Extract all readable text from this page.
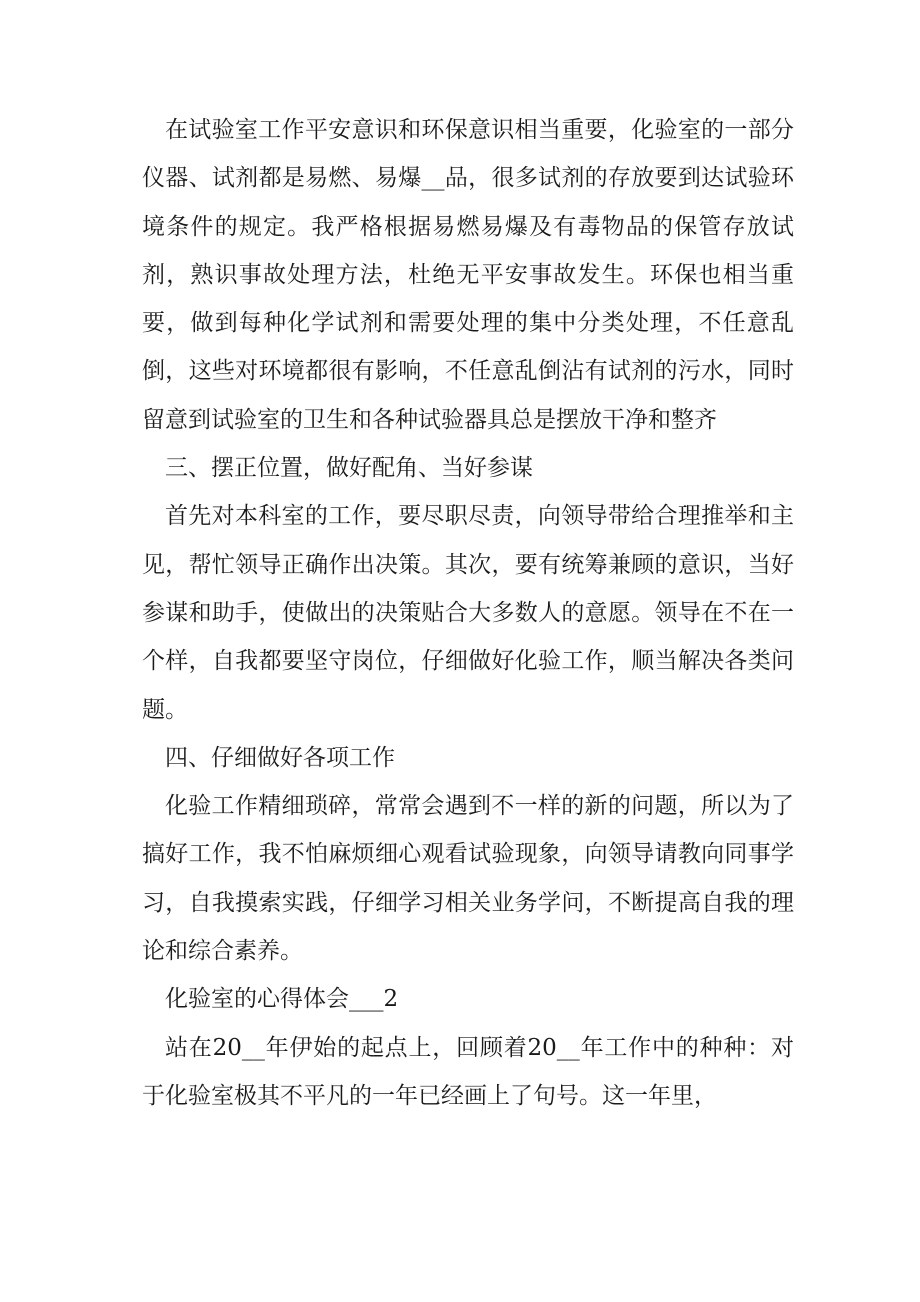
在试验室工作平安意识和环保意识相当重要，化验室的一部分仪器、试剂都是易燃、易爆__品，很多试剂的存放要到达试验环境条件的规定。我严格根据易燃易爆及有毒物品的保管存放试剂，熟识事故处理方法，杜绝无平安事故发生。环保也相当重要，做到每种化学试剂和需要处理的集中分类处理，不任意乱倒，这些对环境都很有影响，不任意乱倒沾有试剂的污水，同时留意到试验室的卫生和各种试验器具总是摆放干净和整齐

三、摆正位置，做好配角、当好参谋

首先对本科室的工作，要尽职尽责，向领导带给合理推举和主见，帮忙领导正确作出决策。其次，要有统筹兼顾的意识，当好参谋和助手，使做出的决策贴合大多数人的意愿。领导在不在一个样，自我都要坚守岗位，仔细做好化验工作，顺当解决各类问题。

四、仔细做好各项工作

化验工作精细琐碎，常常会遇到不一样的新的问题，所以为了搞好工作，我不怕麻烦细心观看试验现象，向领导请教向同事学习，自我摸索实践，仔细学习相关业务学问，不断提高自我的理论和综合素养。

化验室的心得体会___2

站在20__年伊始的起点上，回顾着20__年工作中的种种：对于化验室极其不平凡的一年已经画上了句号。这一年里，
